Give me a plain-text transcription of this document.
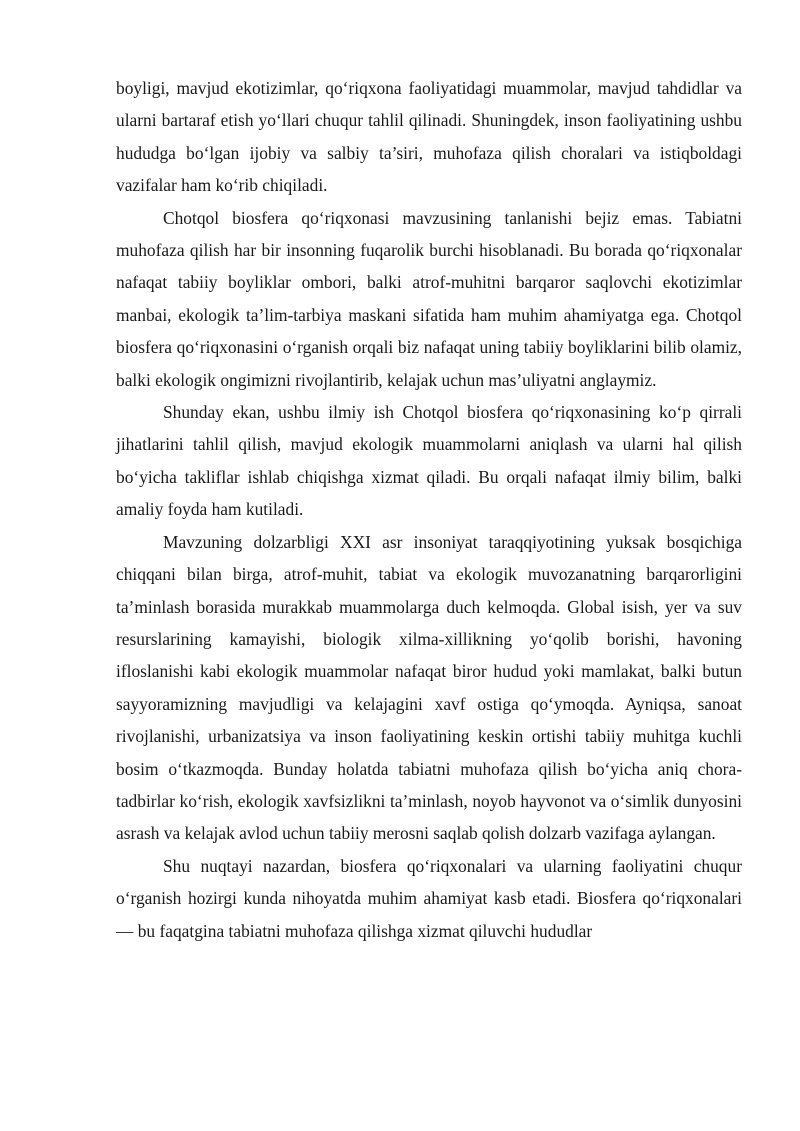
boyligi, mavjud ekotizimlar, qo‘riqxona faoliyatidagi muammolar, mavjud tahdidlar va ularni bartaraf etish yo‘llari chuqur tahlil qilinadi. Shuningdek, inson faoliyatining ushbu hududga bo‘lgan ijobiy va salbiy ta’siri, muhofaza qilish choralari va istiqboldagi vazifalar ham ko‘rib chiqiladi.

Chotqol biosfera qo‘riqxonasi mavzusining tanlanishi bejiz emas. Tabiatni muhofaza qilish har bir insonning fuqarolik burchi hisoblanadi. Bu borada qo‘riqxonalar nafaqat tabiiy boyliklar ombori, balki atrof-muhitni barqaror saqlovchi ekotizimlar manbai, ekologik ta’lim-tarbiya maskani sifatida ham muhim ahamiyatga ega. Chotqol biosfera qo‘riqxonasini o‘rganish orqali biz nafaqat uning tabiiy boyliklarini bilib olamiz, balki ekologik ongimizni rivojlantirib, kelajak uchun mas’uliyatni anglaymiz.

Shunday ekan, ushbu ilmiy ish Chotqol biosfera qo‘riqxonasining ko‘p qirrali jihatlarini tahlil qilish, mavjud ekologik muammolarni aniqlash va ularni hal qilish bo‘yicha takliflar ishlab chiqishga xizmat qiladi. Bu orqali nafaqat ilmiy bilim, balki amaliy foyda ham kutiladi.

Mavzuning dolzarbligi XXI asr insoniyat taraqqiyotining yuksak bosqichiga chiqqani bilan birga, atrof-muhit, tabiat va ekologik muvozanatning barqarorligini ta’minlash borasida murakkab muammolarga duch kelmoqda. Global isish, yer va suv resurslarining kamayishi, biologik xilma-xillikning yo‘qolib borishi, havoning ifloslanishi kabi ekologik muammolar nafaqat biror hudud yoki mamlakat, balki butun sayyoramizning mavjudligi va kelajagini xavf ostiga qo‘ymoqda. Ayniqsa, sanoat rivojlanishi, urbanizatsiya va inson faoliyatining keskin ortishi tabiiy muhitga kuchli bosim o‘tkazmoqda. Bunday holatda tabiatni muhofaza qilish bo‘yicha aniq chora-tadbirlar ko‘rish, ekologik xavfsizlikni ta’minlash, noyob hayvonot va o‘simlik dunyosini asrash va kelajak avlod uchun tabiiy merosni saqlab qolish dolzarb vazifaga aylangan.

Shu nuqtayi nazardan, biosfera qo‘riqxonalari va ularning faoliyatini chuqur o‘rganish hozirgi kunda nihoyatda muhim ahamiyat kasb etadi. Biosfera qo‘riqxonalari — bu faqatgina tabiatni muhofaza qilishga xizmat qiluvchi hududlar
